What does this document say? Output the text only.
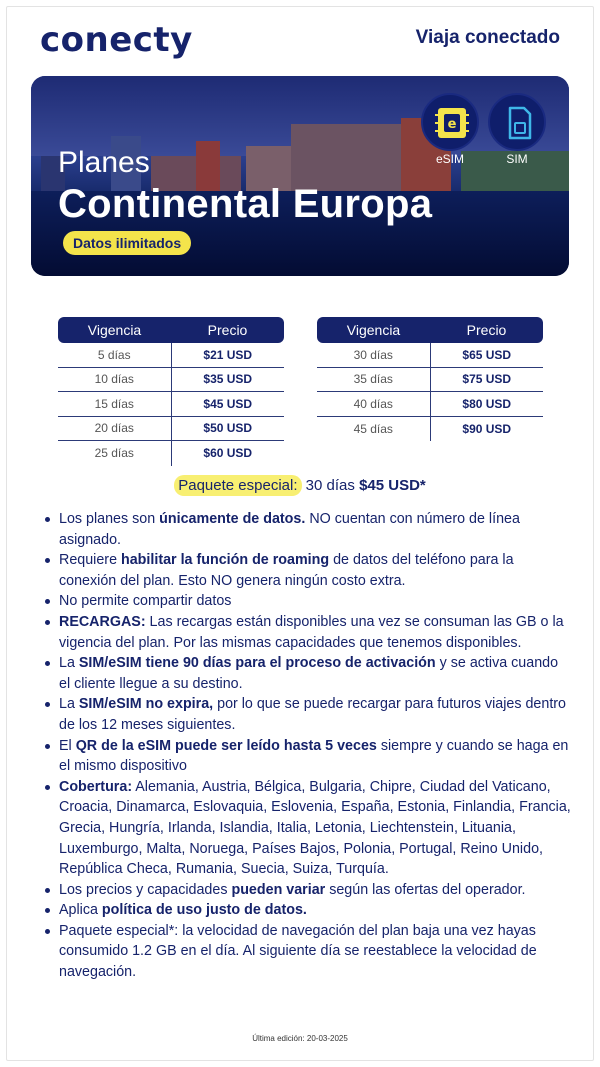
conecty	Viaja conectado
Planes
Continental Europa
Datos ilimitados
e
eSIM	SIM
Vigencia	Precio
5 días	$21 USD
10 días	$35 USD
15 días	$45 USD
20 días	$50 USD
25 días	$60 USD
Vigencia	Precio
30 días	$65 USD
35 días	$75 USD
40 días	$80 USD
45 días	$90 USD
Paquete especial: 30 días $45 USD*
Los planes son únicamente de datos. NO cuentan con número de línea asignado.
Requiere habilitar la función de roaming de datos del teléfono para la conexión del plan. Esto NO genera ningún costo extra.
No permite compartir datos
RECARGAS: Las recargas están disponibles una vez se consuman las GB o la vigencia del plan. Por las mismas capacidades que tenemos disponibles.
La SIM/eSIM tiene 90 días para el proceso de activación y se activa cuando el cliente llegue a su destino.
La SIM/eSIM no expira, por lo que se puede recargar para futuros viajes dentro de los 12 meses siguientes.
El QR de la eSIM puede ser leído hasta 5 veces siempre y cuando se haga en el mismo dispositivo
Cobertura: Alemania, Austria, Bélgica, Bulgaria, Chipre, Ciudad del Vaticano, Croacia, Dinamarca, Eslovaquia, Eslovenia, España, Estonia, Finlandia, Francia, Grecia, Hungría, Irlanda, Islandia, Italia, Letonia, Liechtenstein, Lituania, Luxemburgo, Malta, Noruega, Países Bajos, Polonia, Portugal, Reino Unido, República Checa, Rumania, Suecia, Suiza, Turquía.
Los precios y capacidades pueden variar según las ofertas del operador.
Aplica política de uso justo de datos.
Paquete especial*: la velocidad de navegación del plan baja una vez hayas consumido 1.2 GB en el día. Al siguiente día se reestablece la velocidad de navegación.
Última edición: 20-03-2025
